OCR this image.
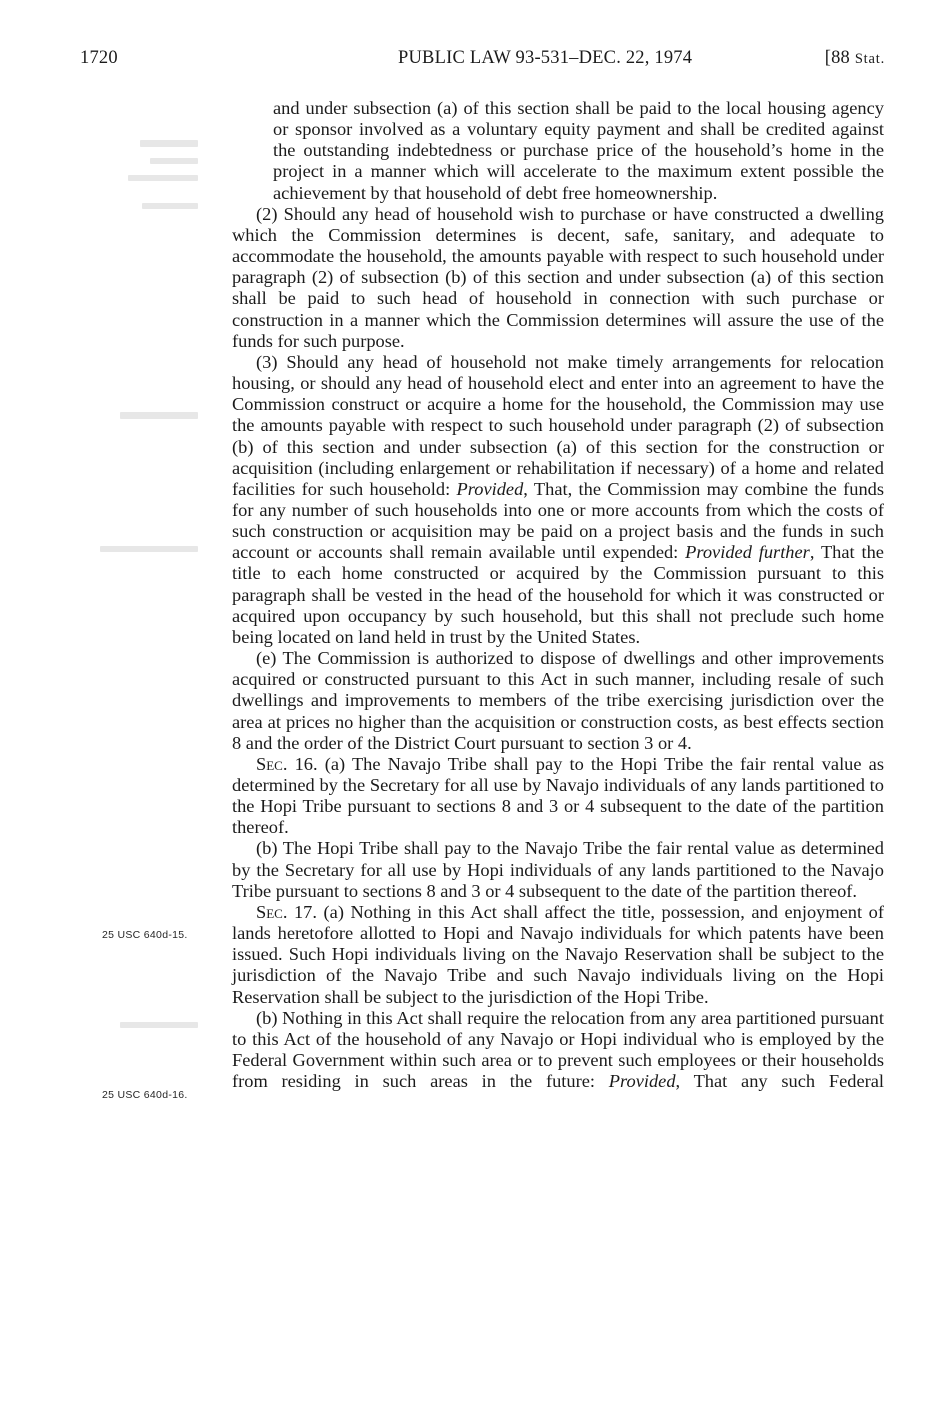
1720	PUBLIC LAW 93-531–DEC. 22, 1974	[88 Stat.
25 USC 640d-15.
25 USC 640d-16.

and under subsection (a) of this section shall be paid to the local housing agency or sponsor involved as a voluntary equity payment and shall be credited against the outstanding indebtedness or purchase price of the household’s home in the project in a manner which will accelerate to the maximum extent possible the achievement by that household of debt free homeownership.

(2) Should any head of household wish to purchase or have constructed a dwelling which the Commission determines is decent, safe, sanitary, and adequate to accommodate the household, the amounts payable with respect to such household under paragraph (2) of subsection (b) of this section and under subsection (a) of this section shall be paid to such head of household in connection with such purchase or construction in a manner which the Commission determines will assure the use of the funds for such purpose.

(3) Should any head of household not make timely arrangements for relocation housing, or should any head of household elect and enter into an agreement to have the Commission construct or acquire a home for the household, the Commission may use the amounts payable with respect to such household under paragraph (2) of subsection (b) of this section and under subsection (a) of this section for the construction or acquisition (including enlargement or rehabilitation if necessary) of a home and related facilities for such household: Provided, That, the Commission may combine the funds for any number of such households into one or more accounts from which the costs of such construction or acquisition may be paid on a project basis and the funds in such account or accounts shall remain available until expended: Provided further, That the title to each home constructed or acquired by the Commission pursuant to this paragraph shall be vested in the head of the household for which it was constructed or acquired upon occupancy by such household, but this shall not preclude such home being located on land held in trust by the United States.

(e) The Commission is authorized to dispose of dwellings and other improvements acquired or constructed pursuant to this Act in such manner, including resale of such dwellings and improvements to members of the tribe exercising jurisdiction over the area at prices no higher than the acquisition or construction costs, as best effects section 8 and the order of the District Court pursuant to section 3 or 4.

Sec. 16. (a) The Navajo Tribe shall pay to the Hopi Tribe the fair rental value as determined by the Secretary for all use by Navajo individuals of any lands partitioned to the Hopi Tribe pursuant to sections 8 and 3 or 4 subsequent to the date of the partition thereof.

(b) The Hopi Tribe shall pay to the Navajo Tribe the fair rental value as determined by the Secretary for all use by Hopi individuals of any lands partitioned to the Navajo Tribe pursuant to sections 8 and 3 or 4 subsequent to the date of the partition thereof.

Sec. 17. (a) Nothing in this Act shall affect the title, possession, and enjoyment of lands heretofore allotted to Hopi and Navajo individuals for which patents have been issued. Such Hopi individuals living on the Navajo Reservation shall be subject to the jurisdiction of the Navajo Tribe and such Navajo individuals living on the Hopi Reservation shall be subject to the jurisdiction of the Hopi Tribe.

(b) Nothing in this Act shall require the relocation from any area partitioned pursuant to this Act of the household of any Navajo or Hopi individual who is employed by the Federal Government within such area or to prevent such employees or their households from residing in such areas in the future: Provided, That any such Federal
